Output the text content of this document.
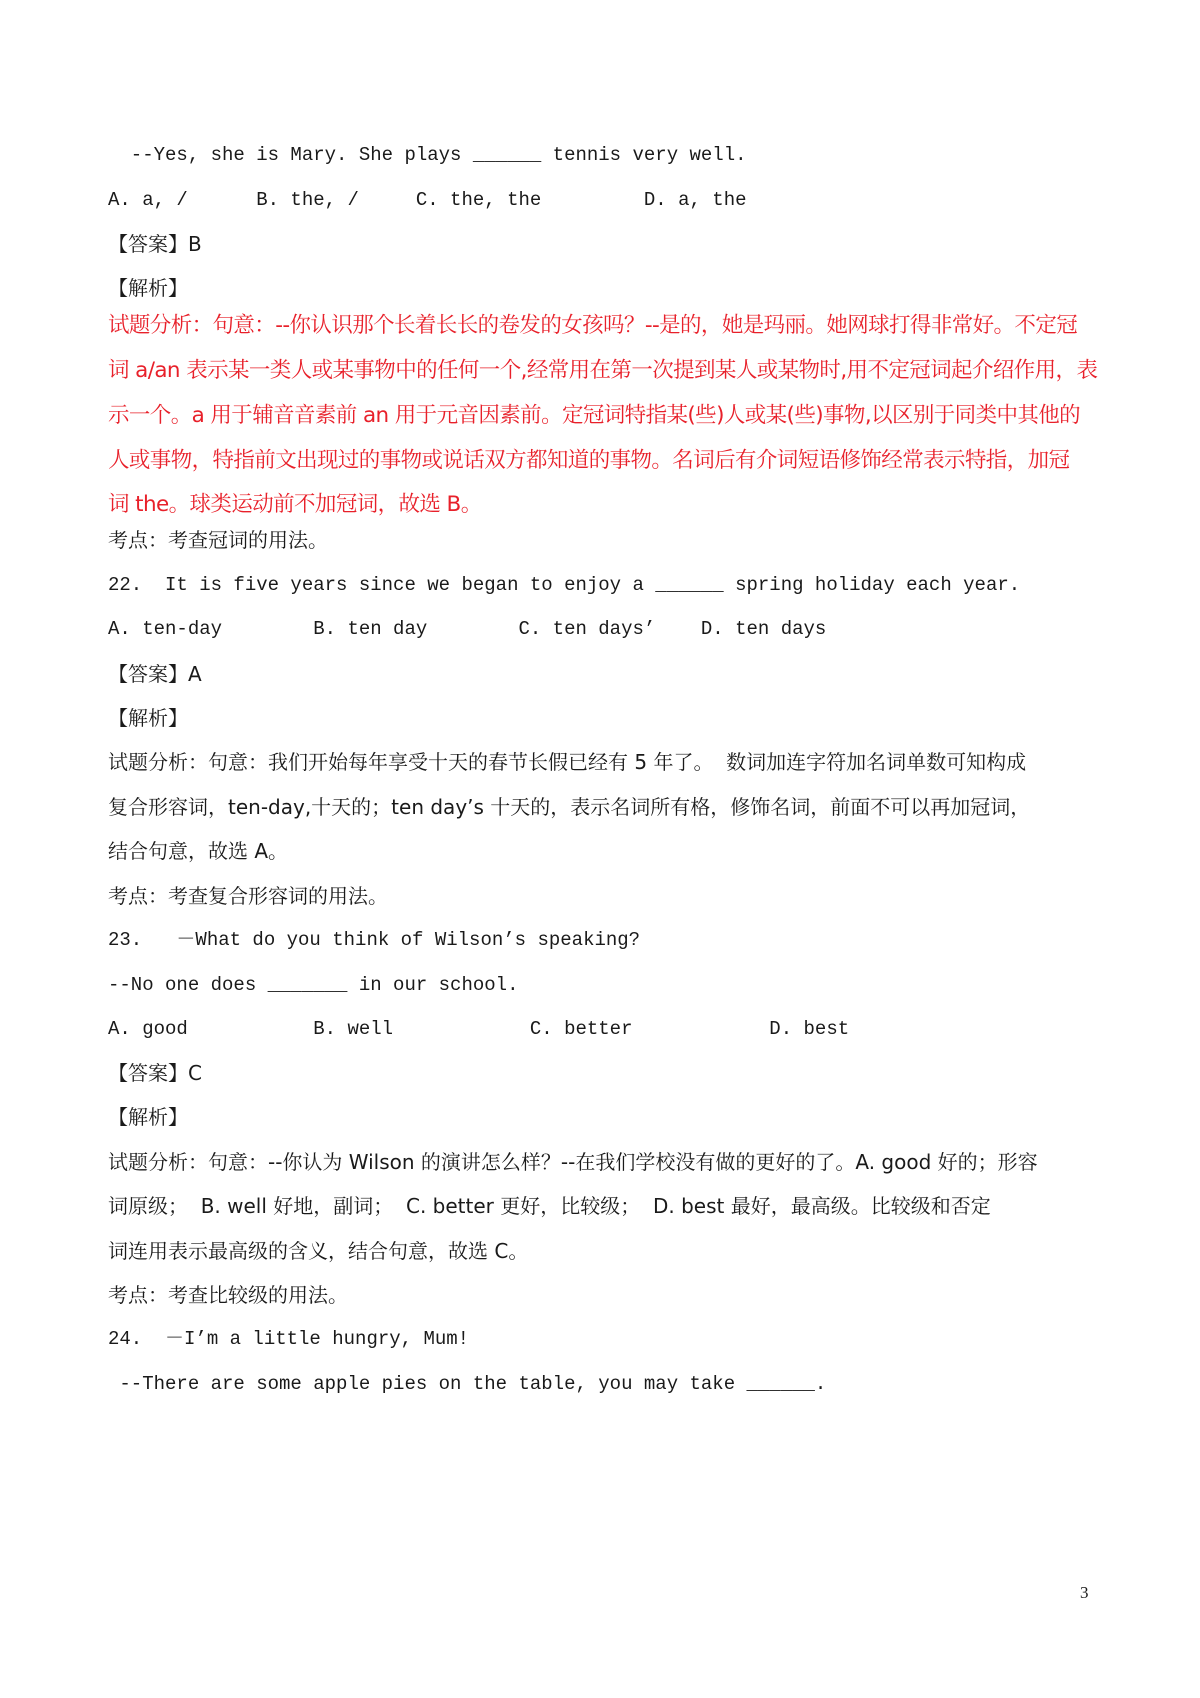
--Yes, she is Mary. She plays ______ tennis very well.
A. a, /      B. the, /     C. the, the         D. a, the
【答案】B
【解析】
试题分析：句意：--你认识那个长着长长的卷发的女孩吗？--是的，她是玛丽。她网球打得非常好。不定冠
词 a/an 表示某一类人或某事物中的任何一个,经常用在第一次提到某人或某物时,用不定冠词起介绍作用，表
示一个。a 用于辅音音素前 an 用于元音因素前。定冠词特指某(些)人或某(些)事物,以区别于同类中其他的
人或事物，特指前文出现过的事物或说话双方都知道的事物。名词后有介词短语修饰经常表示特指，加冠
词 the。球类运动前不加冠词，故选 B。
考点：考查冠词的用法。
22.  It is five years since we began to enjoy a ______ spring holiday each year.
A. ten-day        B. ten day        C. ten days’    D. ten days
【答案】A
【解析】
试题分析：句意：我们开始每年享受十天的春节长假已经有 5 年了。  数词加连字符加名词单数可知构成
复合形容词，ten-day,十天的；ten day’s 十天的，表示名词所有格，修饰名词，前面不可以再加冠词，
结合句意，故选 A。
考点：考查复合形容词的用法。
23.   －What do you think of Wilson’s speaking?
--No one does _______ in our school.
A. good           B. well            C. better            D. best
【答案】C
【解析】
试题分析：句意：--你认为 Wilson 的演讲怎么样？--在我们学校没有做的更好的了。A. good 好的；形容
词原级；  B. well 好地，副词；  C. better 更好，比较级；  D. best 最好，最高级。比较级和否定
词连用表示最高级的含义，结合句意，故选 C。
考点：考查比较级的用法。
24.  －I’m a little hungry, Mum!
--There are some apple pies on the table, you may take ______.
3
